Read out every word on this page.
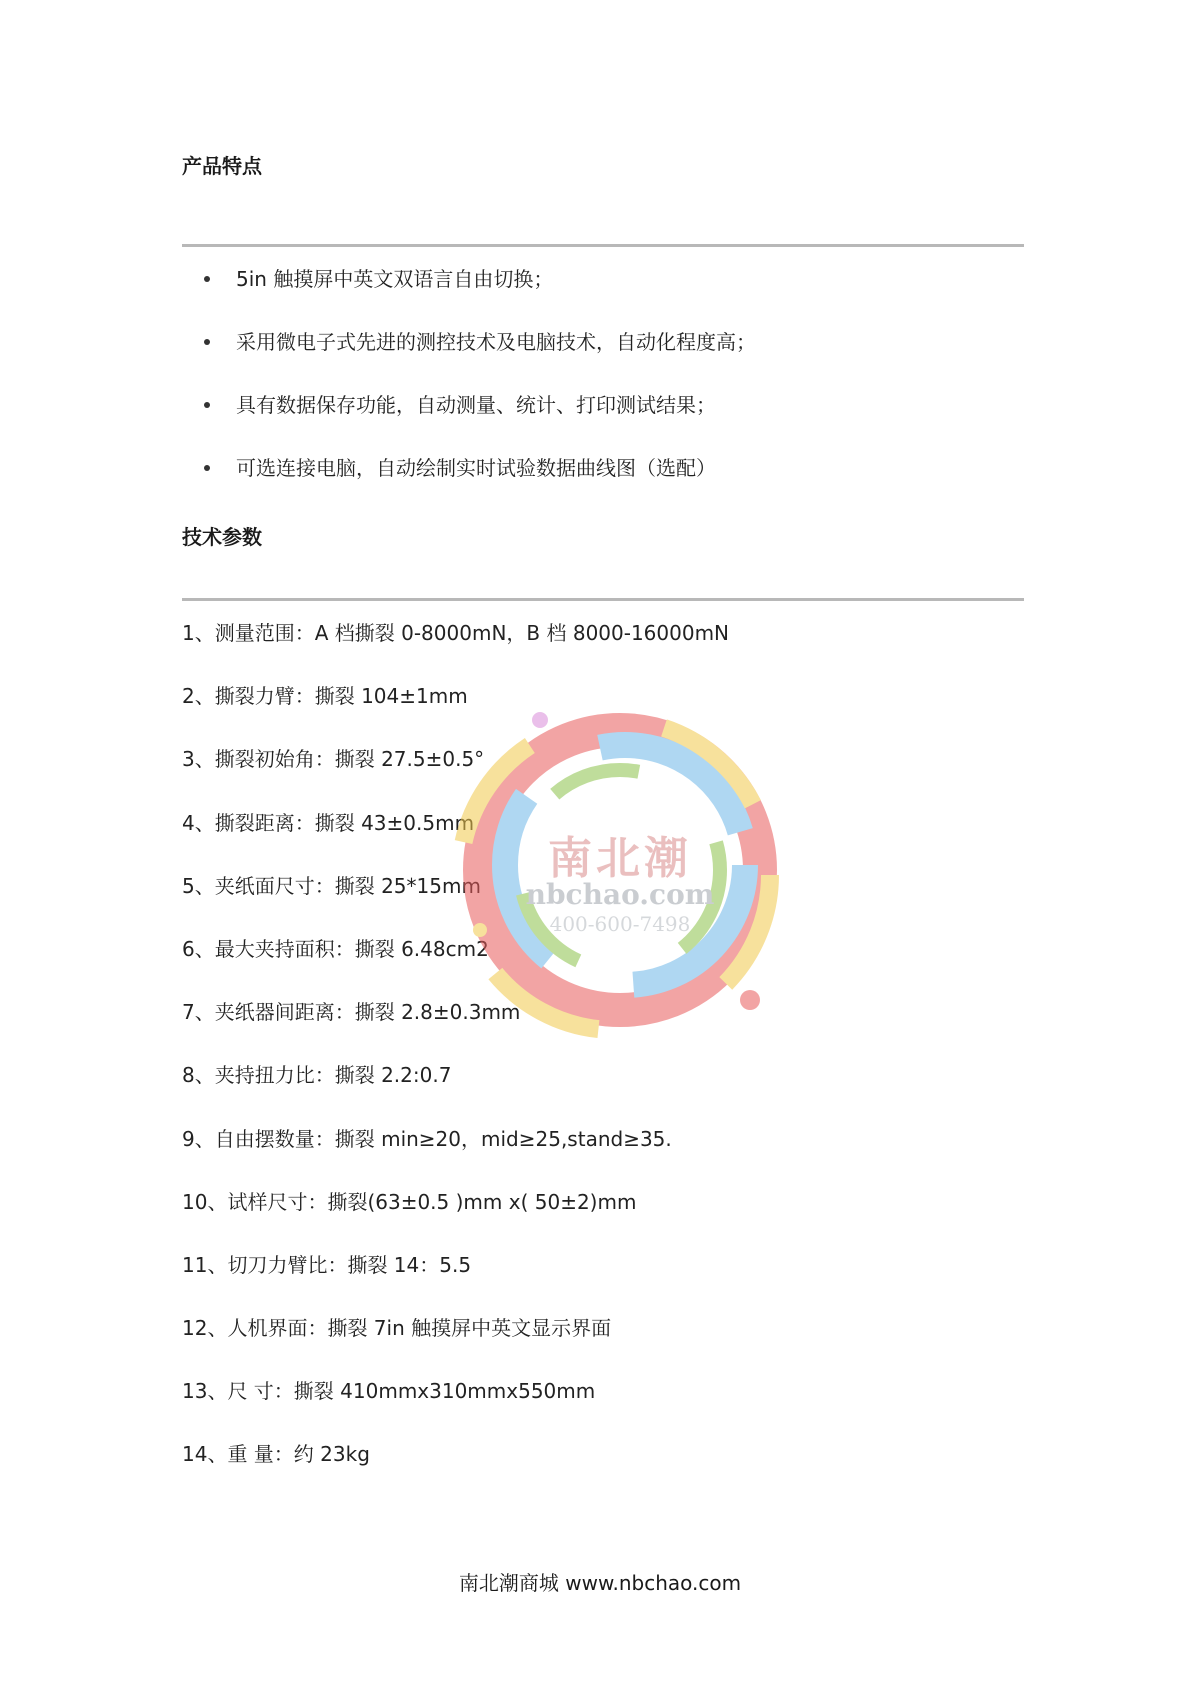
产品特点
5in 触摸屏中英文双语言自由切换；
采用微电子式先进的测控技术及电脑技术，自动化程度高；
具有数据保存功能，自动测量、统计、打印测试结果；
可选连接电脑，自动绘制实时试验数据曲线图（选配）
技术参数
1、测量范围：A 档撕裂 0-8000mN，B 档 8000-16000mN
2、撕裂力臂：撕裂 104±1mm
3、撕裂初始角：撕裂 27.5±0.5°
4、撕裂距离：撕裂 43±0.5mm
5、夹纸面尺寸：撕裂 25*15mm
6、最大夹持面积：撕裂 6.48cm2
7、夹纸器间距离：撕裂 2.8±0.3mm
8、夹持扭力比：撕裂 2.2:0.7
9、自由摆数量：撕裂 min≥20，mid≥25,stand≥35.
10、试样尺寸：撕裂(63±0.5 )mm x( 50±2)mm
11、切刀力臂比：撕裂 14：5.5
12、人机界面：撕裂 7in 触摸屏中英文显示界面
13、尺 寸：撕裂 410mmx310mmx550mm
14、重 量：约 23kg
南北潮
nbchao.com
400-600-7498
南北潮商城 www.nbchao.com
